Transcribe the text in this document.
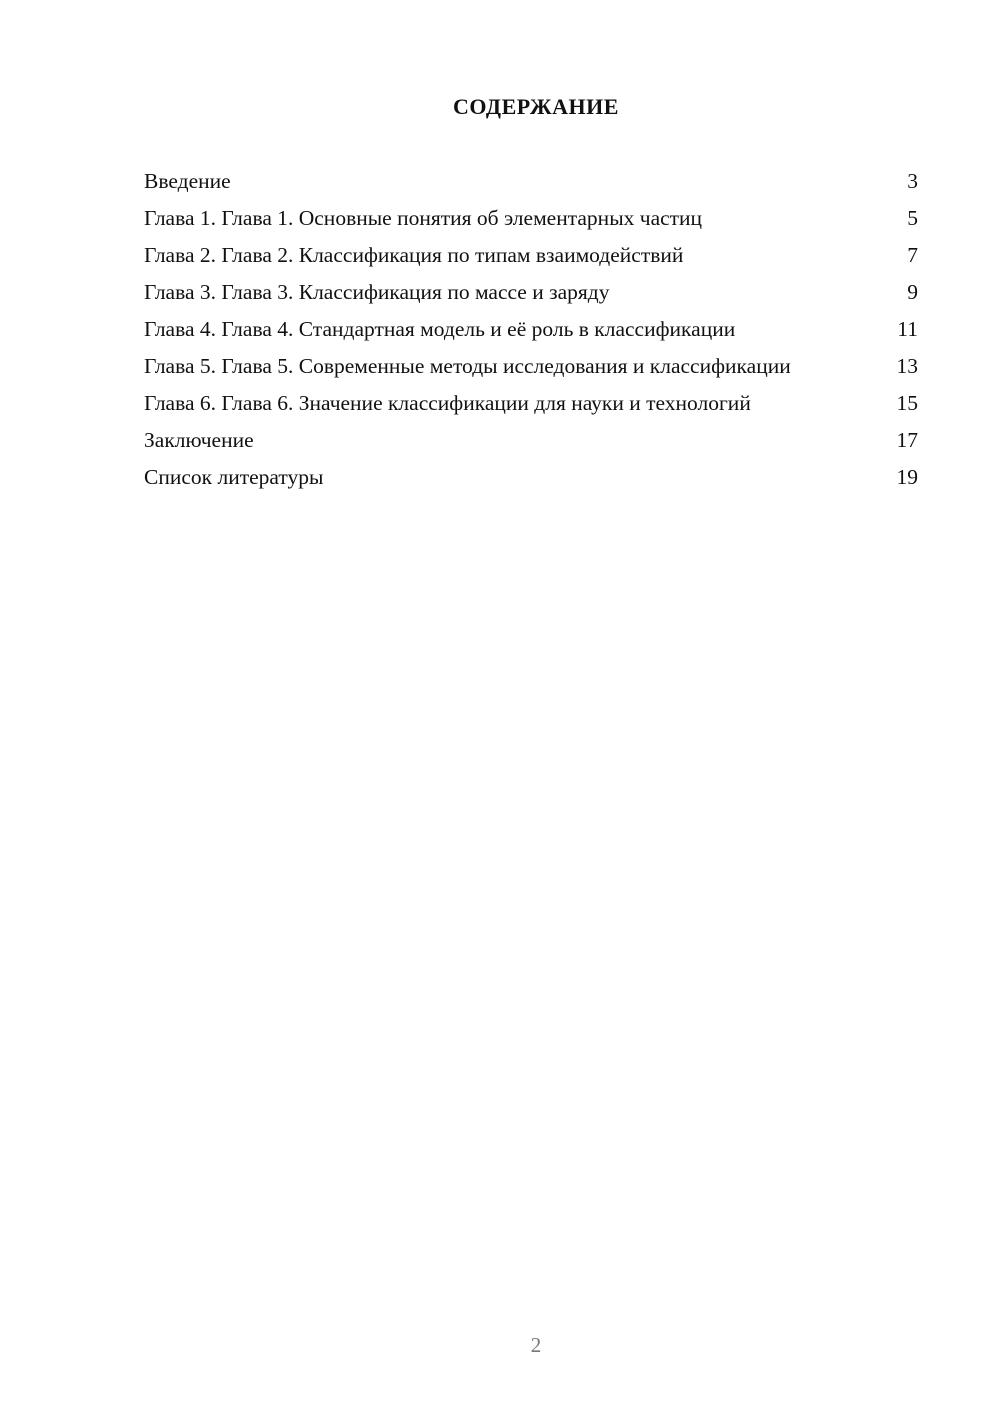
СОДЕРЖАНИЕ
Введение	3
Глава 1. Глава 1. Основные понятия об элементарных частиц	5
Глава 2. Глава 2. Классификация по типам взаимодействий	7
Глава 3. Глава 3. Классификация по массе и заряду	9
Глава 4. Глава 4. Стандартная модель и её роль в классификации	11
Глава 5. Глава 5. Современные методы исследования и классификации	13
Глава 6. Глава 6. Значение классификации для науки и технологий	15
Заключение	17
Список литературы	19
2
